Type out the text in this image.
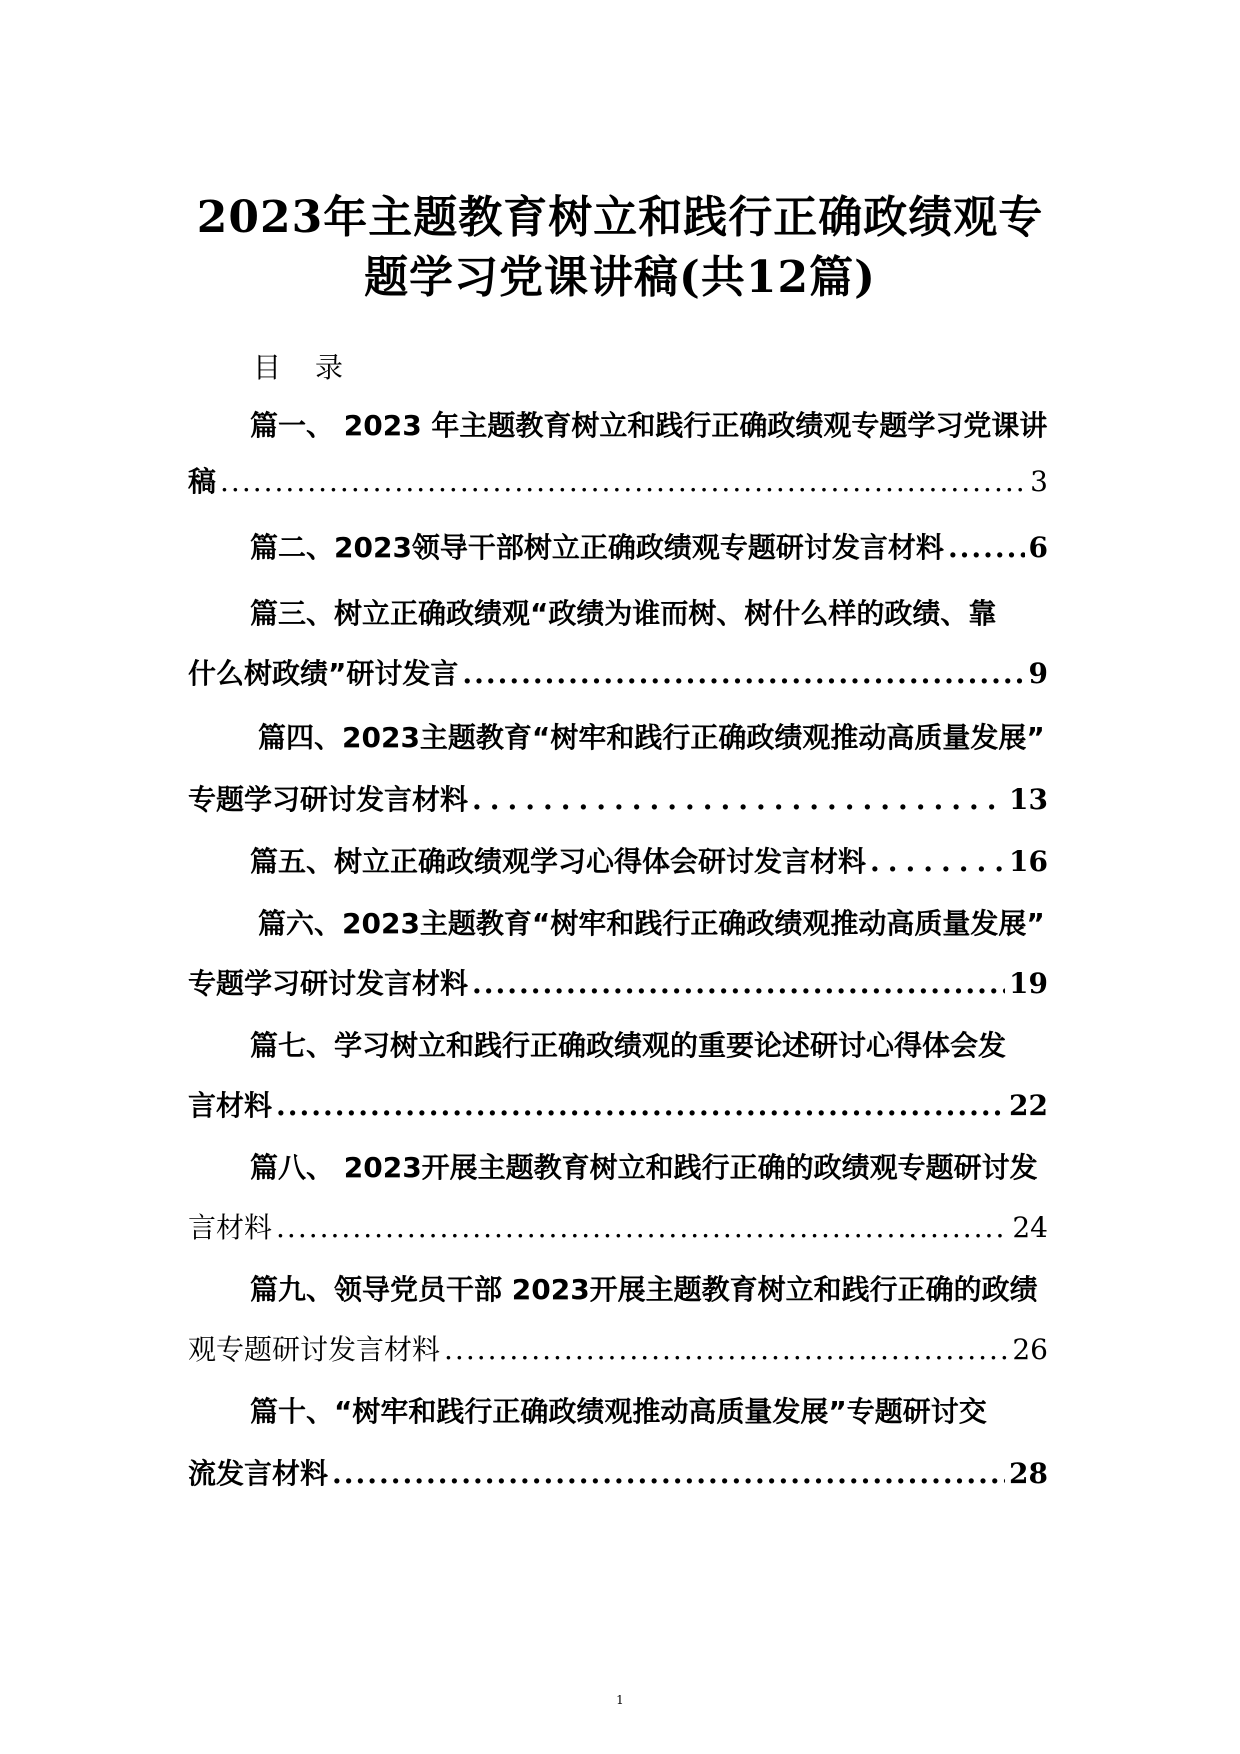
2023年主题教育树立和践行正确政绩观专
题学习党课讲稿(共12篇)
目 录
篇一、 2023 年主题教育树立和践行正确政绩观专题学习党课讲
稿 .....	3
篇二、2023领导干部树立正确政绩观专题研讨发言材料 .....	6
篇三、树立正确政绩观“政绩为谁而树、树什么样的政绩、靠
什么树政绩”研讨发言 .....	9
篇四、2023主题教育“树牢和践行正确政绩观推动高质量发展”
专题学习研讨发言材料 .....	13
篇五、树立正确政绩观学习心得体会研讨发言材料 .....	16
篇六、2023主题教育“树牢和践行正确政绩观推动高质量发展”
专题学习研讨发言材料 .....	19
篇七、学习树立和践行正确政绩观的重要论述研讨心得体会发
言材料 .....	22
篇八、 2023开展主题教育树立和践行正确的政绩观专题研讨发
言材料 .....	24
篇九、领导党员干部 2023开展主题教育树立和践行正确的政绩
观专题研讨发言材料 .....	26
篇十、“树牢和践行正确政绩观推动高质量发展”专题研讨交
流发言材料 .....	28
1
